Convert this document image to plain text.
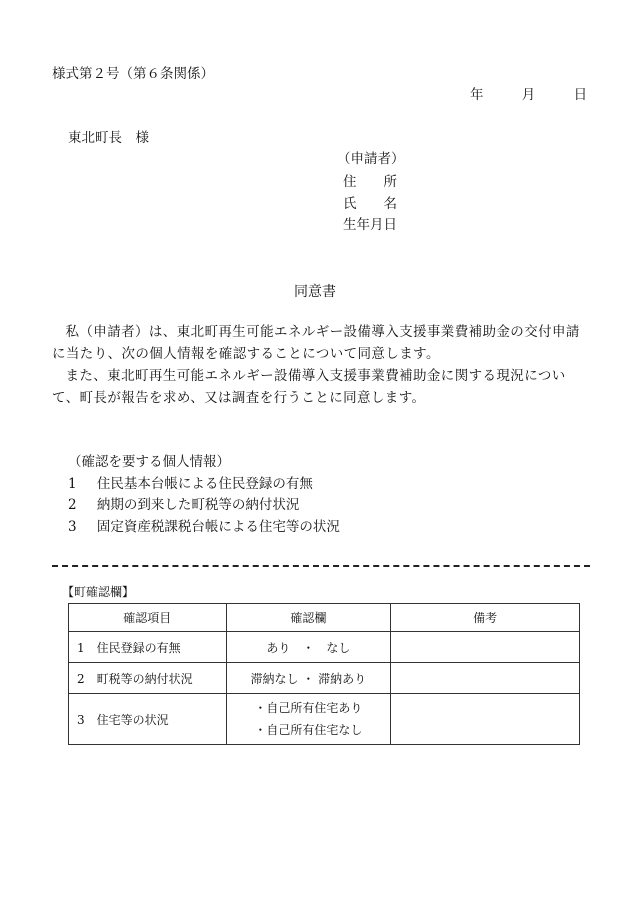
様式第２号（第６条関係）
年	月	日
東北町長　様
（申請者）
住　　所
氏　　名
生年月日
同意書

私（申請者）は、東北町再生可能エネルギー設備導入支援事業費補助金の交付申請に当たり、次の個人情報を確認することについて同意します。

また、東北町再生可能エネルギー設備導入支援事業費補助金に関する現況について、町長が報告を求め、又は調査を行うことに同意します。

（確認を要する個人情報）
1 住民基本台帳による住民登録の有無
2 納期の到来した町税等の納付状況
3 固定資産税課税台帳による住宅等の状況
【町確認欄】
確認項目	確認欄	備考
1　住民登録の有無	あり　・　なし	
2　町税等の納付状況	滞納なし ・ 滞納あり	
3　住宅等の状況	・自己所有住宅あり
・自己所有住宅なし	
